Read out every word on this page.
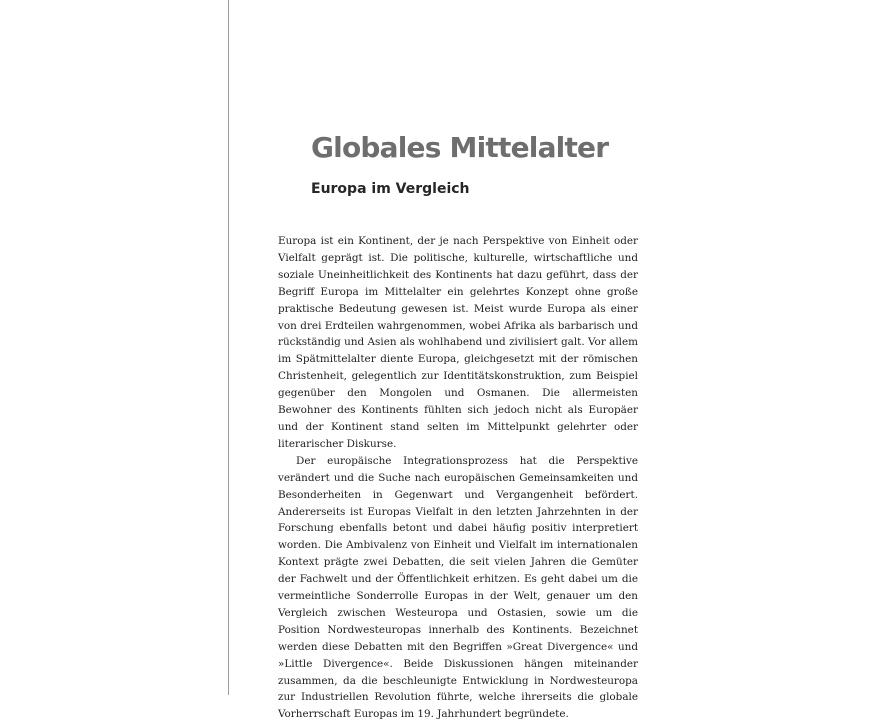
Globales Mittelalter
Europa im Vergleich

Europa ist ein Kontinent, der je nach Perspektive von Einheit oder Vielfalt geprägt ist. Die politische, kulturelle, wirtschaftliche und soziale Uneinheitlichkeit des Kontinents hat dazu geführt, dass der Begriff Europa im Mittelalter ein gelehrtes Konzept ohne große praktische Bedeutung gewesen ist. Meist wurde Europa als einer von drei Erdteilen wahrgenommen, wobei Afrika als barbarisch und rückständig und Asien als wohlhabend und zivilisiert galt. Vor allem im Spätmittelalter diente Europa, gleichgesetzt mit der römischen Christenheit, gelegentlich zur Identitätskonstruktion, zum Beispiel gegenüber den Mongolen und Osmanen. Die allermeisten Bewohner des Kontinents fühlten sich jedoch nicht als Europäer und der Kontinent stand selten im Mittelpunkt gelehrter oder literarischer Diskurse.

Der europäische Integrationsprozess hat die Perspektive verändert und die Suche nach europäischen Gemeinsamkeiten und Besonderheiten in Gegenwart und Vergangenheit befördert. Andererseits ist Europas Vielfalt in den letzten Jahrzehnten in der Forschung ebenfalls betont und dabei häufig positiv interpretiert worden. Die Ambivalenz von Einheit und Vielfalt im internationalen Kontext prägte zwei Debatten, die seit vielen Jahren die Gemüter der Fachwelt und der Öffentlichkeit erhitzen. Es geht dabei um die vermeintliche Sonderrolle Europas in der Welt, genauer um den Vergleich zwischen Westeuropa und Ostasien, sowie um die Position Nordwesteuropas innerhalb des Kontinents. Bezeichnet werden diese Debatten mit den Begriffen »Great Divergence« und »Little Divergence«. Beide Diskussionen hängen miteinander zusammen, da die beschleunigte Entwicklung in Nordwesteuropa zur Industriellen Revolution führte, welche ihrerseits die globale Vorherrschaft Europas im 19. Jahrhundert begründete.
